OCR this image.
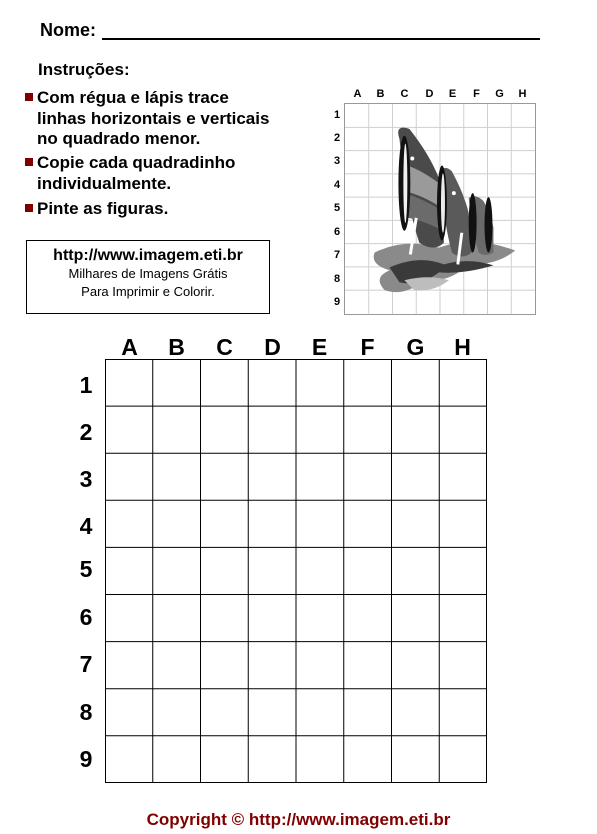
Nome:
Instruções:
Com régua e lápis trace
linhas horizontais e verticais
no quadrado menor.
Copie cada quadradinho
individualmente.
Pinte as figuras.
http://www.imagem.eti.br
Milhares de Imagens Grátis
Para Imprimir e Colorir.
A	B	C	D	E	F	G	H
1
2
3
4
5
6
7
8
9
A	B	C	D	E	F	G	H
1
2
3
4
5
6
7
8
9
Copyright © http://www.imagem.eti.br
